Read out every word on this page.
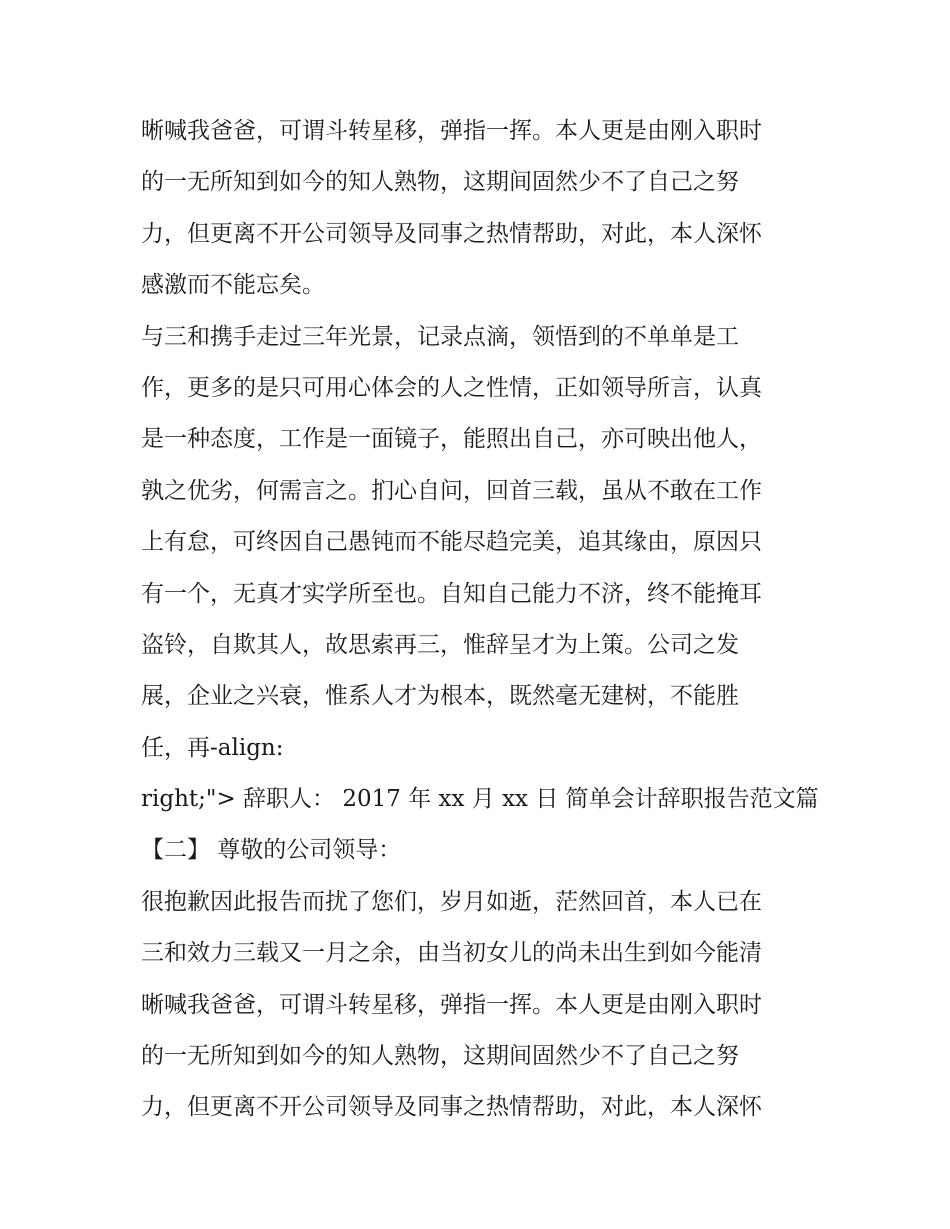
晰喊我爸爸，可谓斗转星移，弹指一挥。本人更是由刚入职时
的一无所知到如今的知人熟物，这期间固然少不了自己之努
力，但更离不开公司领导及同事之热情帮助，对此，本人深怀
感激而不能忘矣。
与三和携手走过三年光景，记录点滴，领悟到的不单单是工
作，更多的是只可用心体会的人之性情，正如领导所言，认真
是一种态度，工作是一面镜子，能照出自己，亦可映出他人，
孰之优劣，何需言之。扪心自问，回首三载，虽从不敢在工作
上有怠，可终因自己愚钝而不能尽趋完美，追其缘由，原因只
有一个，无真才实学所至也。自知自己能力不济，终不能掩耳
盗铃，自欺其人，故思索再三，惟辞呈才为上策。公司之发
展，企业之兴衰，惟系人才为根本，既然毫无建树，不能胜
任，再-align:
right;"> 辞职人： 2017 年 xx 月 xx 日 简单会计辞职报告范文篇
【二】 尊敬的公司领导：
很抱歉因此报告而扰了您们，岁月如逝，茫然回首，本人已在
三和效力三载又一月之余，由当初女儿的尚未出生到如今能清
晰喊我爸爸，可谓斗转星移，弹指一挥。本人更是由刚入职时
的一无所知到如今的知人熟物，这期间固然少不了自己之努
力，但更离不开公司领导及同事之热情帮助，对此，本人深怀
